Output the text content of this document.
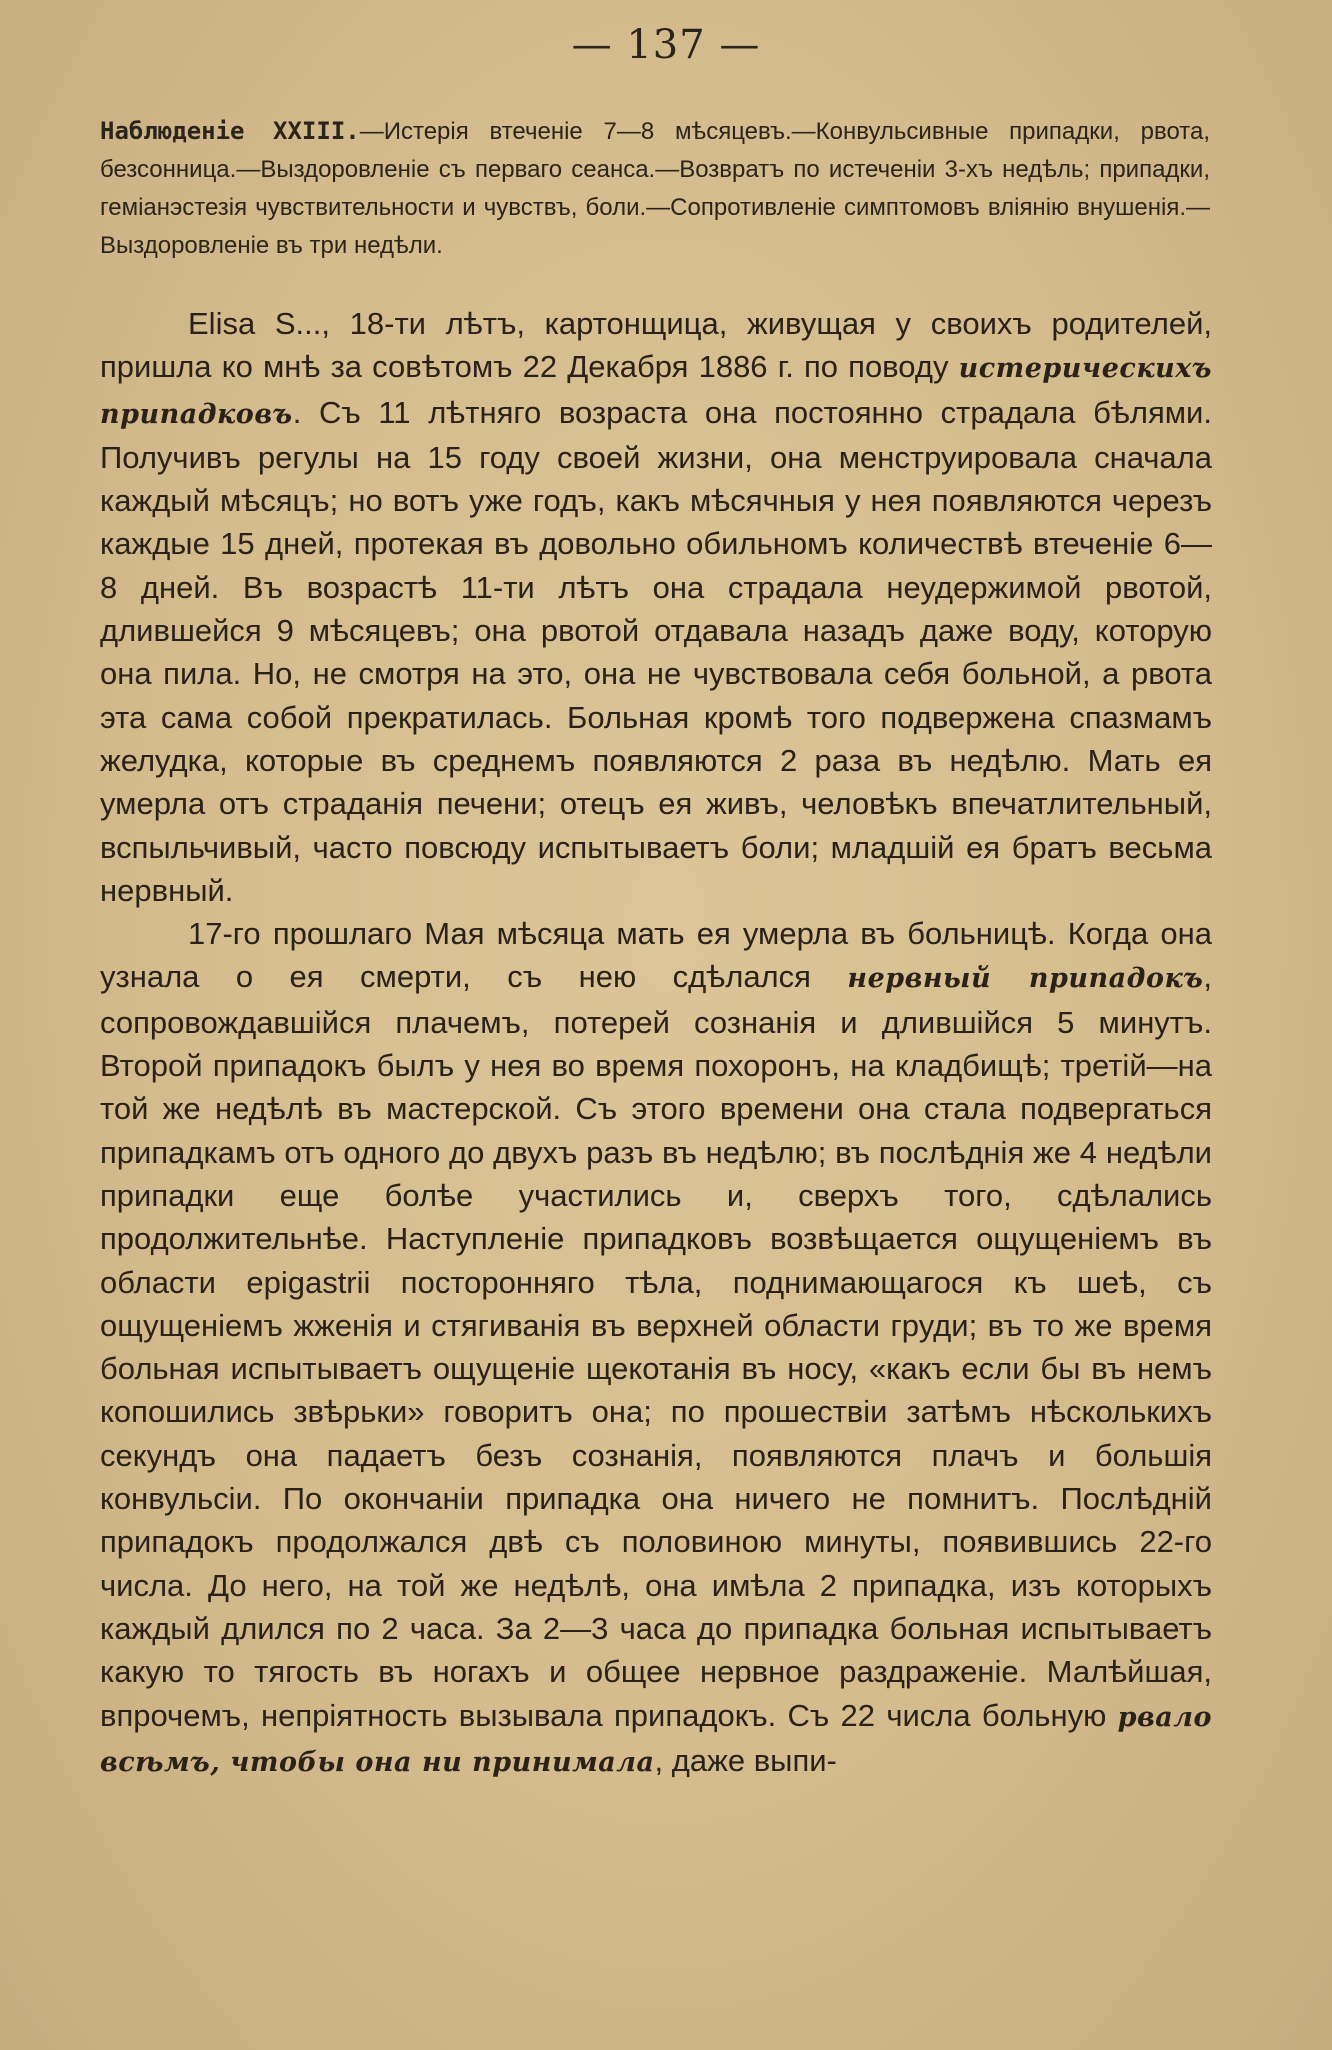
— 137 —
Наблюденіе XXIII.—Истерія втеченіе 7—8 мѣсяцевъ.—Конвульсивные припадки, рвота, безсонница.—Выздоровленіе съ перваго сеанса.—Возвратъ по истеченіи 3-хъ недѣль; припадки, геміанэстезія чувствительности и чувствъ, боли.—Сопротивленіе симптомовъ вліянію внушенія.—Выздоровленіе въ три недѣли.

Elisa S..., 18-ти лѣтъ, картонщица, живущая у своихъ родителей, пришла ко мнѣ за совѣтомъ 22 Декабря 1886 г. по поводу истерическихъ припадковъ. Съ 11 лѣтняго возраста она постоянно страдала бѣлями. Получивъ регулы на 15 году своей жизни, она менструировала сначала каждый мѣсяцъ; но вотъ уже годъ, какъ мѣсячныя у нея появляются черезъ каждые 15 дней, протекая въ довольно обильномъ количествѣ втеченіе 6—8 дней. Въ возрастѣ 11-ти лѣтъ она страдала неудержимой рвотой, длившейся 9 мѣсяцевъ; она рвотой отдавала назадъ даже воду, которую она пила. Но, не смотря на это, она не чувствовала себя больной, а рвота эта сама собой прекратилась. Больная кромѣ того подвержена спазмамъ желудка, которые въ среднемъ появляются 2 раза въ недѣлю. Мать ея умерла отъ страданія печени; отецъ ея живъ, человѣкъ впечатлительный, вспыльчивый, часто повсюду испытываетъ боли; младшій ея братъ весьма нервный.

17-го прошлаго Мая мѣсяца мать ея умерла въ больницѣ. Когда она узнала о ея смерти, съ нею сдѣлался нервный припадокъ, сопровождавшійся плачемъ, потерей сознанія и длившійся 5 минутъ. Второй припадокъ былъ у нея во время похоронъ, на кладбищѣ; третій—на той же недѣлѣ въ мастерской. Съ этого времени она стала подвергаться припадкамъ отъ одного до двухъ разъ въ недѣлю; въ послѣднія же 4 недѣли припадки еще болѣе участились и, сверхъ того, сдѣлались продолжительнѣе. Наступленіе припадковъ возвѣщается ощущеніемъ въ области epigastrii посторонняго тѣла, поднимающагося къ шеѣ, съ ощущеніемъ жженія и стягиванія въ верхней области груди; въ то же время больная испытываетъ ощущеніе щекотанія въ носу, «какъ если бы въ немъ копошились звѣрьки» говоритъ она; по прошествіи затѣмъ нѣсколькихъ секундъ она падаетъ безъ сознанія, появляются плачъ и большія конвульсіи. По окончаніи припадка она ничего не помнитъ. Послѣдній припадокъ продолжался двѣ съ половиною минуты, появившись 22-го числа. До него, на той же недѣлѣ, она имѣла 2 припадка, изъ которыхъ каждый длился по 2 часа. За 2—3 часа до припадка больная испытываетъ какую то тягость въ ногахъ и общее нервное раздраженіе. Малѣйшая, впрочемъ, непріятность вызывала припадокъ. Съ 22 числа больную рвало всѣмъ, чтобы она ни принимала, даже выпи-
